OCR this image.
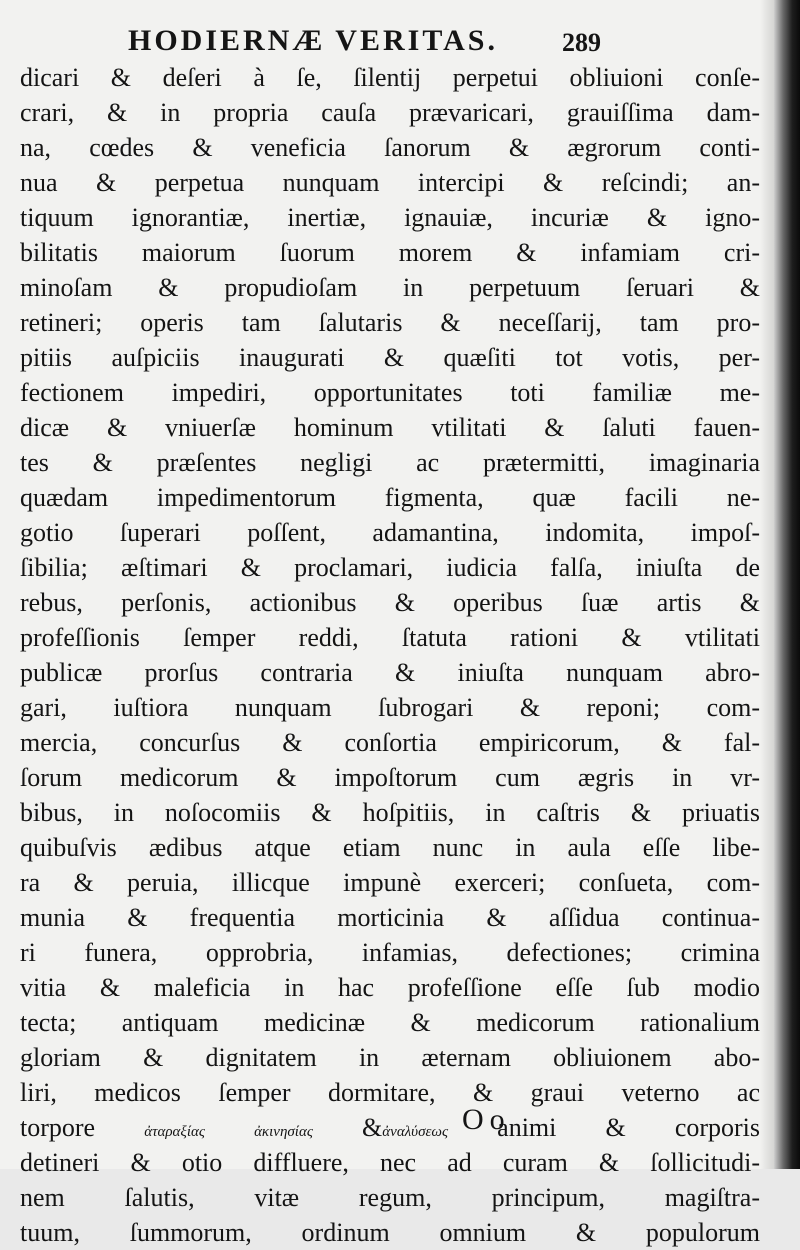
HODIERNÆ VERITAS. 289
dicari & deſeri à ſe, ſilentij perpetui obliuioni conſe-
crari, & in propria cauſa prævaricari, grauiſſima dam-
na, cœdes & veneficia ſanorum & ægrorum conti-
nua & perpetua nunquam intercipi & reſcindi; an-
tiquum ignorantiæ, inertiæ, ignauiæ, incuriæ & igno-
bilitatis maiorum ſuorum morem & infamiam cri-
minoſam & propudioſam in perpetuum ſeruari &
retineri; operis tam ſalutaris & neceſſarij, tam pro-
pitiis auſpiciis inaugurati & quæſiti tot votis, per-
fectionem impediri, opportunitates toti familiæ me-
dicæ & vniuerſæ hominum vtilitati & ſaluti fauen-
tes & præſentes negligi ac prætermitti, imaginaria
quædam impedimentorum figmenta, quæ facili ne-
gotio ſuperari poſſent, adamantina, indomita, impoſ-
ſibilia; æſtimari & proclamari, iudicia falſa, iniuſta de
rebus, perſonis, actionibus & operibus ſuæ artis &
profeſſionis ſemper reddi, ſtatuta rationi & vtilitati
publicæ prorſus contraria & iniuſta nunquam abro-
gari, iuſtiora nunquam ſubrogari & reponi; com-
mercia, concurſus & conſortia empiricorum, & fal-
ſorum medicorum & impoſtorum cum ægris in vr-
bibus, in noſocomiis & hoſpitiis, in caſtris & priuatis
quibuſvis ædibus atque etiam nunc in aula eſſe libe-
ra & peruia, illicque impunè exerceri; conſueta, com-
munia & frequentia morticinia & aſſidua continua-
ri funera, opprobria, infamias, defectiones; crimina
vitia & maleficia in hac profeſſione eſſe ſub modio
tecta; antiquam medicinæ & medicorum rationalium
gloriam & dignitatem in æternam obliuionem abo-
liri, medicos ſemper dormitare, & graui veterno ac
torpore	ἀταραξίας	ἀκινησίας &ἀναλύσεως animi & corporis
detineri & otio diffluere, nec ad curam & ſollicitudi-
nem ſalutis, vitæ regum, principum, magiſtra-
tuum, ſummorum, ordinum omnium & populorum
Oo
